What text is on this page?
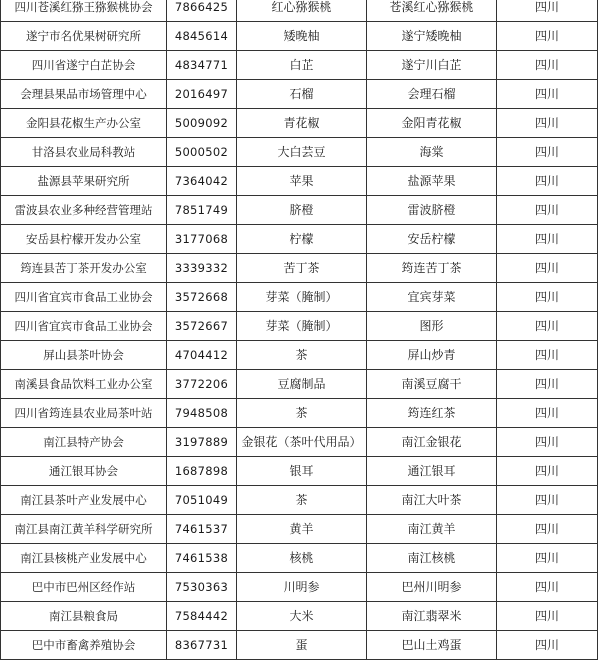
四川苍溪红猕王猕猴桃协会	7866425	红心猕猴桃	苍溪红心猕猴桃	四川
遂宁市名优果树研究所	4845614	矮晚柚	遂宁矮晚柚	四川
四川省遂宁白芷协会	4834771	白芷	遂宁川白芷	四川
会理县果品市场管理中心	2016497	石榴	会理石榴	四川
金阳县花椒生产办公室	5009092	青花椒	金阳青花椒	四川
甘洛县农业局科教站	5000502	大白芸豆	海棠	四川
盐源县苹果研究所	7364042	苹果	盐源苹果	四川
雷波县农业多种经营管理站	7851749	脐橙	雷波脐橙	四川
安岳县柠檬开发办公室	3177068	柠檬	安岳柠檬	四川
筠连县苦丁茶开发办公室	3339332	苦丁茶	筠连苦丁茶	四川
四川省宜宾市食品工业协会	3572668	芽菜（腌制）	宜宾芽菜	四川
四川省宜宾市食品工业协会	3572667	芽菜（腌制）	图形	四川
屏山县茶叶协会	4704412	茶	屏山炒青	四川
南溪县食品饮料工业办公室	3772206	豆腐制品	南溪豆腐干	四川
四川省筠连县农业局茶叶站	7948508	茶	筠连红茶	四川
南江县特产协会	3197889	金银花（茶叶代用品）	南江金银花	四川
通江银耳协会	1687898	银耳	通江银耳	四川
南江县茶叶产业发展中心	7051049	茶	南江大叶茶	四川
南江县南江黄羊科学研究所	7461537	黄羊	南江黄羊	四川
南江县核桃产业发展中心	7461538	核桃	南江核桃	四川
巴中市巴州区经作站	7530363	川明参	巴州川明参	四川
南江县粮食局	7584442	大米	南江翡翠米	四川
巴中市畜禽养殖协会	8367731	蛋	巴山土鸡蛋	四川
